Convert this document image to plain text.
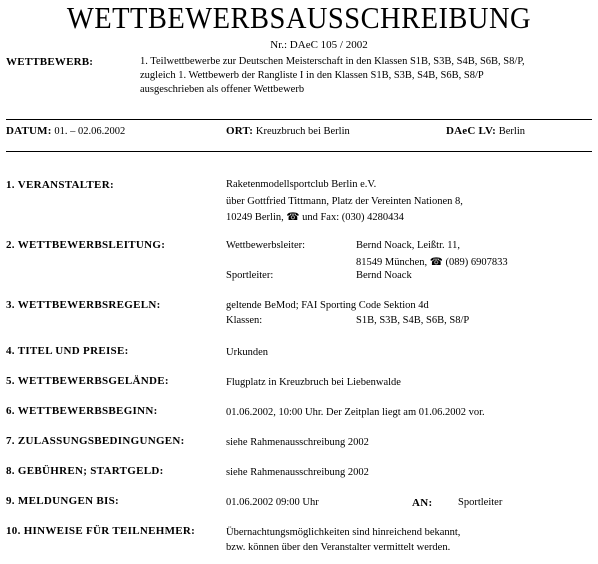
WETTBEWERBSAUSSCHREIBUNG
Nr.: DAeC 105 / 2002
WETTBEWERB:	1. Teilwettbewerbe zur Deutschen Meisterschaft in den Klassen S1B, S3B, S4B, S6B, S8/P,
zugleich 1. Wettbewerb der Rangliste I in den Klassen S1B, S3B, S4B, S6B, S8/P
ausgeschrieben als offener Wettbewerb
DATUM: 01. – 02.06.2002	ORT: Kreuzbruch bei Berlin	DAeC LV: Berlin
1. VERANSTALTER:	Raketenmodellsportclub Berlin e.V.
über Gottfried Tittmann, Platz der Vereinten Nationen 8,
10249 Berlin, ☎ und Fax: (030) 4280434
2. WETTBEWERBSLEITUNG:	Wettbewerbsleiter:	Bernd Noack, Leißtr. 11,
81549 München, ☎ (089) 6907833
Sportleiter:	Bernd Noack
3. WETTBEWERBSREGELN:	geltende BeMod; FAI Sporting Code Sektion 4d
Klassen:	S1B, S3B, S4B, S6B, S8/P
4. TITEL UND PREISE:	Urkunden
5. WETTBEWERBSGELÄNDE:	Flugplatz in Kreuzbruch bei Liebenwalde
6. WETTBEWERBSBEGINN:	01.06.2002, 10:00 Uhr. Der Zeitplan liegt am 01.06.2002 vor.
7. ZULASSUNGSBEDINGUNGEN:	siehe Rahmenausschreibung 2002
8. GEBÜHREN; STARTGELD:	siehe Rahmenausschreibung 2002
9. MELDUNGEN BIS:	01.06.2002 09:00 Uhr	AN: Sportleiter
10. HINWEISE FÜR TEILNEHMER:	Übernachtungsmöglichkeiten sind hinreichend bekannt,
bzw. können über den Veranstalter vermittelt werden.
